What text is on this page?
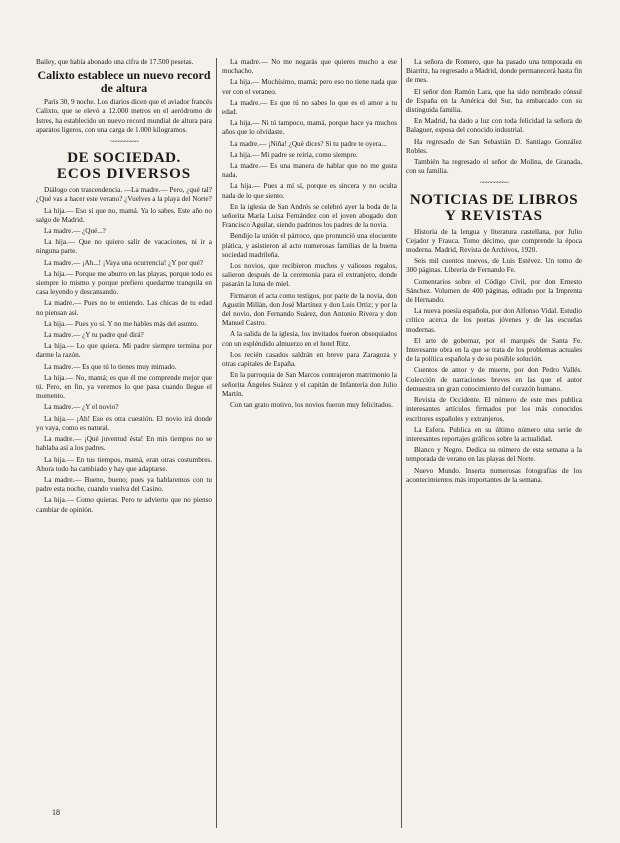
Bailey, que había abonado una cifra de 17.500 pesetas.

Calixto establece un nuevo record de altura

París 30, 9 noche. Los diarios dicen que el aviador francés Calixto, que se elevó a 12.000 metros en el aeródromo de Istres, ha establecido un nuevo record mundial de altura para aparatos ligeros, con una carga de 1.000 kilogramos.

~~~~~~~~~~
DE SOCIEDAD.
ECOS DIVERSOS

Diálogo con trascendencia. —La madre.— Pero, ¿qué tal? ¿Qué vas a hacer este verano? ¿Vuelves a la playa del Norte?

La hija.— Eso sí que no, mamá. Ya lo sabes. Este año no salgo de Madrid.

La madre.— ¿Qué...?

La hija.— Que no quiero salir de vacaciones, ni ir a ninguna parte.

La madre.— ¡Ah...! ¡Vaya una ocurrencia! ¿Y por qué?

La hija.— Porque me aburro en las playas, porque todo es siempre lo mismo y porque prefiero quedarme tranquila en casa leyendo y descansando.

La madre.— Pues no te entiendo. Las chicas de tu edad no piensan así.

La hija.— Pues yo sí. Y no me hables más del asunto.

La madre.— ¿Y tu padre qué dirá?

La hija.— Lo que quiera. Mi padre siempre termina por darme la razón.

La madre.— Es que tú lo tienes muy mimado.

La hija.— No, mamá; es que él me comprende mejor que tú. Pero, en fin, ya veremos lo que pasa cuando llegue el momento.

La madre.— ¿Y el novio?

La hija.— ¡Ah! Eso es otra cuestión. El novio irá donde yo vaya, como es natural.

La madre.— ¡Qué juventud ésta! En mis tiempos no se hablaba así a los padres.

La hija.— En tus tiempos, mamá, eran otras costumbres. Ahora todo ha cambiado y hay que adaptarse.

La madre.— Bueno, bueno; pues ya hablaremos con tu padre esta noche, cuando vuelva del Casino.

La hija.— Como quieras. Pero te advierto que no pienso cambiar de opinión.

La madre.— No me negarás que quieres mucho a ese muchacho.

La hija.— Muchísimo, mamá; pero eso no tiene nada que ver con el veraneo.

La madre.— Es que tú no sabes lo que es el amor a tu edad.

La hija.— Ni tú tampoco, mamá, porque hace ya muchos años que lo olvidaste.

La madre.— ¡Niña! ¿Qué dices? Si tu padre te oyera...

La hija.— Mi padre se reiría, como siempre.

La madre.— Es una manera de hablar que no me gusta nada.

La hija.— Pues a mí sí, porque es sincera y no oculta nada de lo que siento.

En la iglesia de San Andrés se celebró ayer la boda de la señorita María Luisa Fernández con el joven abogado don Francisco Aguilar, siendo padrinos los padres de la novia.

Bendijo la unión el párroco, que pronunció una elocuente plática, y asistieron al acto numerosas familias de la buena sociedad madrileña.

Los novios, que recibieron muchos y valiosos regalos, salieron después de la ceremonia para el extranjero, donde pasarán la luna de miel.

Firmaron el acta como testigos, por parte de la novia, don Agustín Millán, don José Martínez y don Luis Ortiz; y por la del novio, don Fernando Suárez, don Antonio Rivera y don Manuel Castro.

A la salida de la iglesia, los invitados fueron obsequiados con un espléndido almuerzo en el hotel Ritz.

Los recién casados saldrán en breve para Zaragoza y otras capitales de España.

En la parroquia de San Marcos contrajeron matrimonio la señorita Ángeles Suárez y el capitán de Infantería don Julio Martín.

Con tan grato motivo, los novios fueron muy felicitados.

La señora de Romero, que ha pasado una temporada en Biarritz, ha regresado a Madrid, donde permanecerá hasta fin de mes.

El señor don Ramón Lara, que ha sido nombrado cónsul de España en la América del Sur, ha embarcado con su distinguida familia.

En Madrid, ha dado a luz con toda felicidad la señora de Balaguer, esposa del conocido industrial.

Ha regresado de San Sebastián D. Santiago González Robles.

También ha regresado el señor de Molina, de Granada, con su familia.

~~~~~~~~~~
NOTICIAS DE LIBROS
Y REVISTAS

Historia de la lengua y literatura castellana, por Julio Cejador y Frauca. Tomo décimo, que comprende la época moderna. Madrid, Revista de Archivos, 1920.

Seis mil cuentos nuevos, de Luis Estévez. Un tomo de 300 páginas. Librería de Fernando Fe.

Comentarios sobre el Código Civil, por don Ernesto Sánchez. Volumen de 400 páginas, editado por la Imprenta de Hernando.

La nueva poesía española, por don Alfonso Vidal. Estudio crítico acerca de los poetas jóvenes y de las escuelas modernas.

El arte de gobernar, por el marqués de Santa Fe. Interesante obra en la que se trata de los problemas actuales de la política española y de su posible solución.

Cuentos de amor y de muerte, por don Pedro Vallés. Colección de narraciones breves en las que el autor demuestra un gran conocimiento del corazón humano.

Revista de Occidente. El número de este mes publica interesantes artículos firmados por los más conocidos escritores españoles y extranjeros.

La Esfera. Publica en su último número una serie de interesantes reportajes gráficos sobre la actualidad.

Blanco y Negro. Dedica su número de esta semana a la temporada de verano en las playas del Norte.

Nuevo Mundo. Inserta numerosas fotografías de los acontecimientos más importantes de la semana.

18
